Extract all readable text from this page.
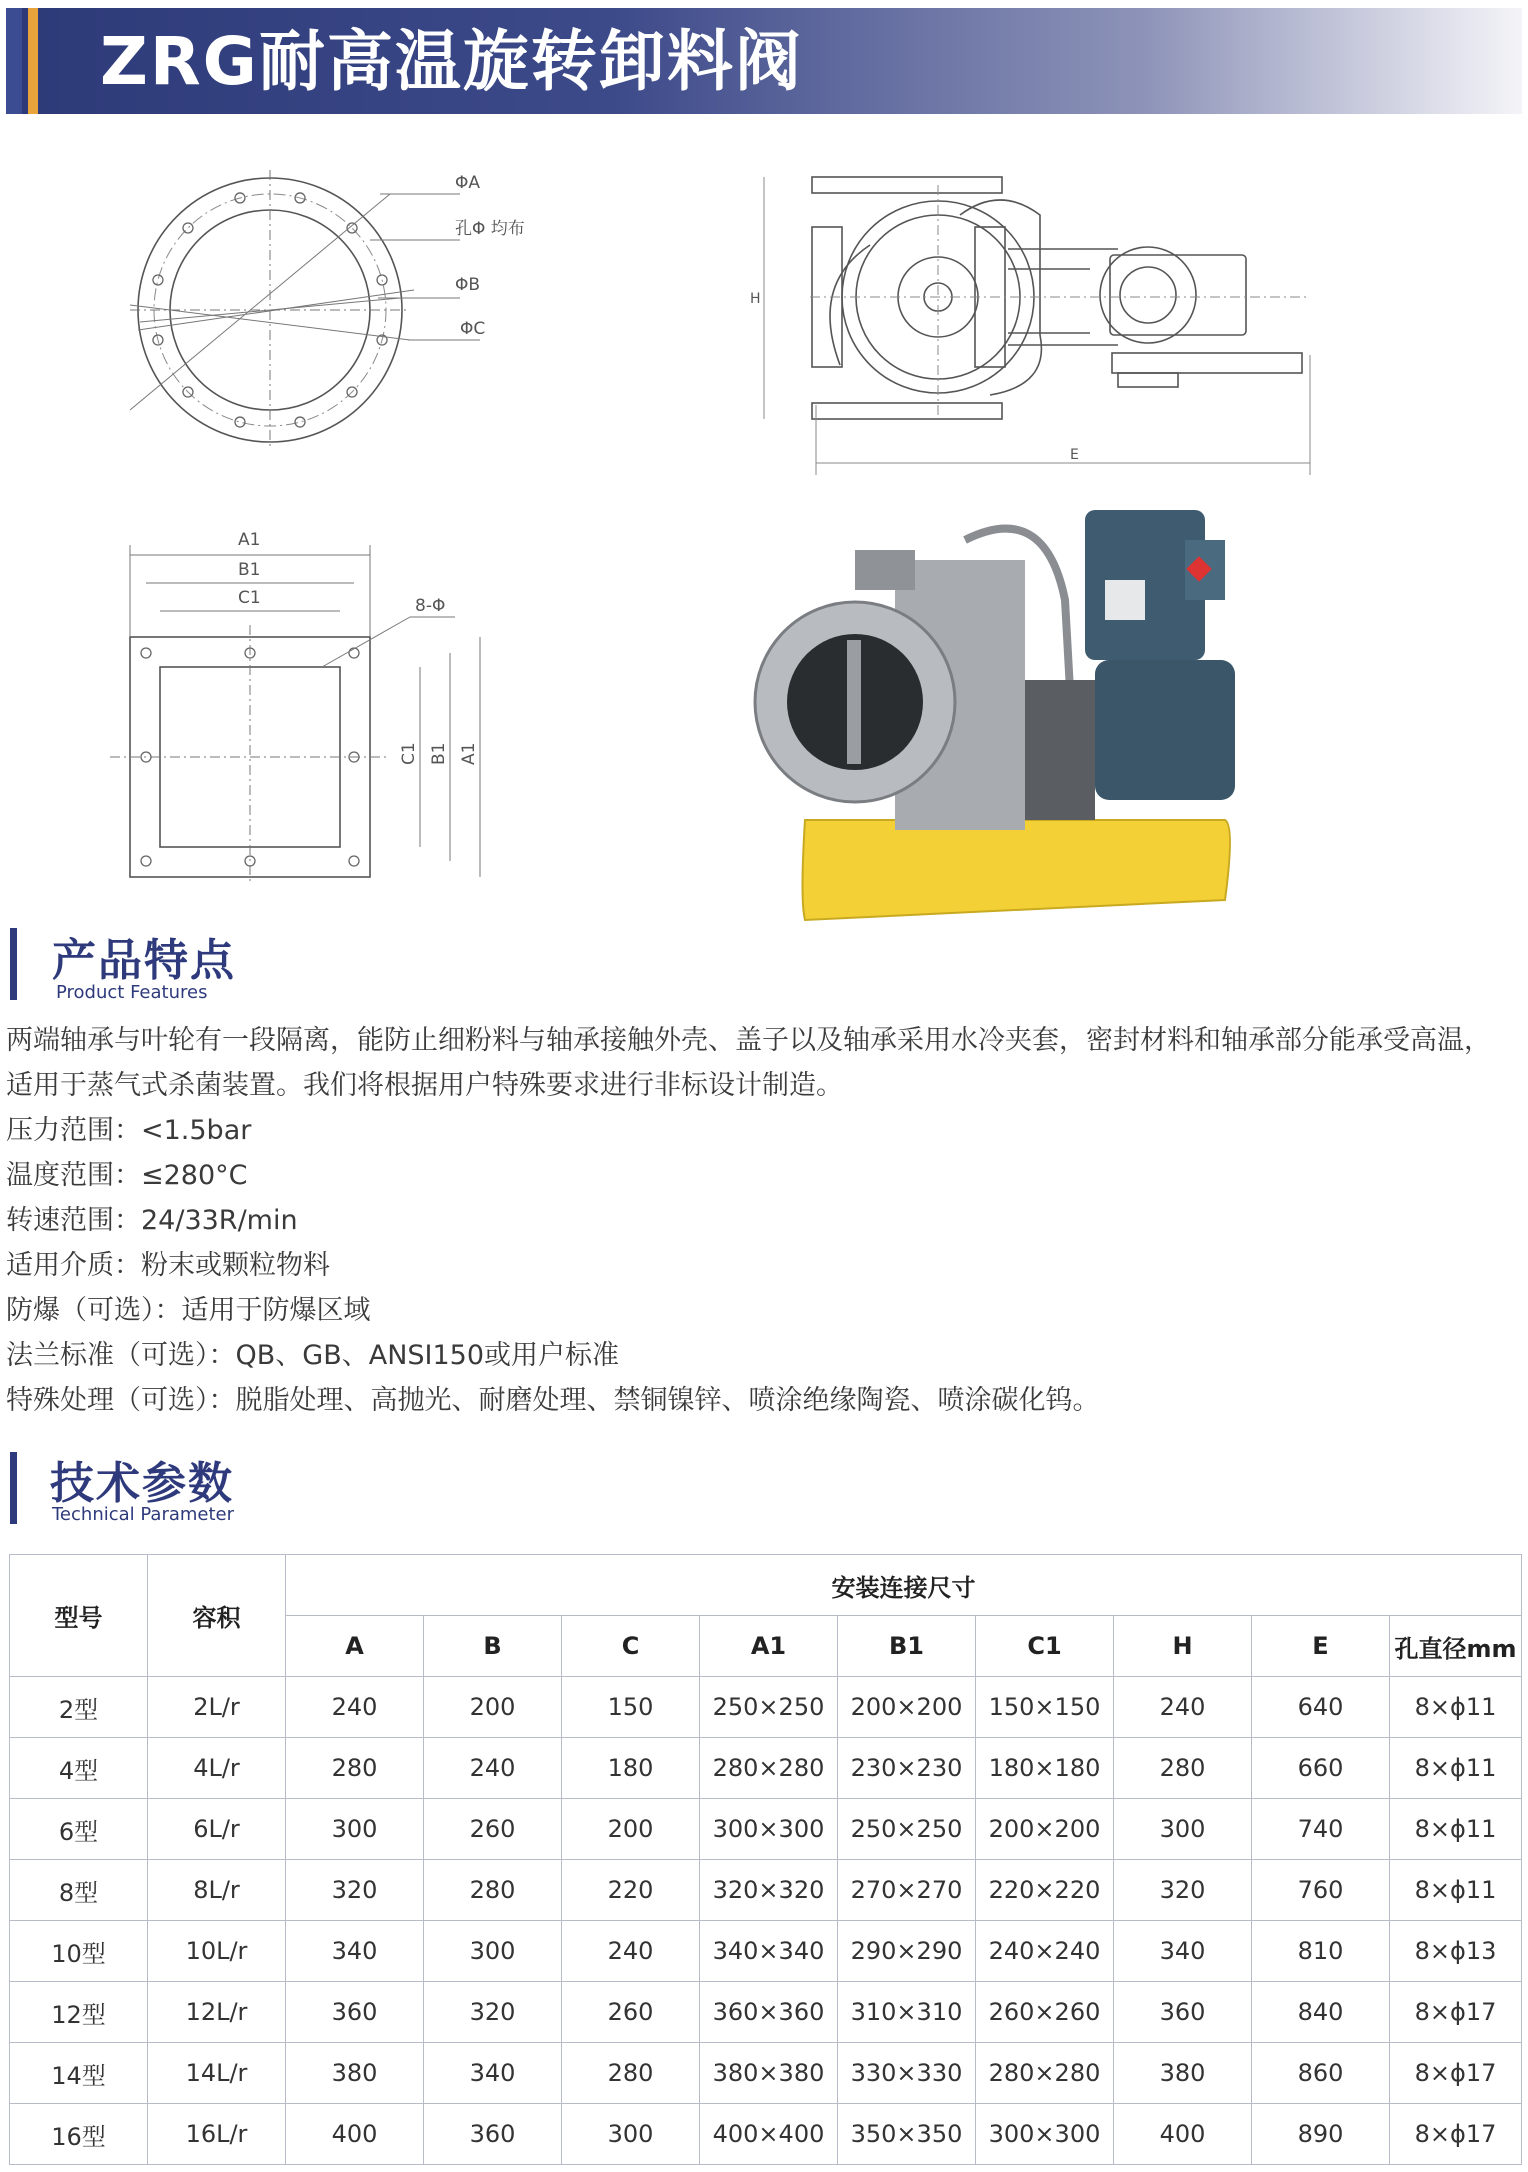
ZRG耐高温旋转卸料阀
ΦA
孔Φ 均布
ΦB
ΦC
H
E
A1
B1
C1	8-Φ
C1 B1 A1
产品特点
Product Features

两端轴承与叶轮有一段隔离，能防止细粉料与轴承接触外壳、盖子以及轴承采用水冷夹套，密封材料和轴承部分能承受高温，适用于蒸气式杀菌装置。我们将根据用户特殊要求进行非标设计制造。

压力范围：<1.5bar

温度范围：≤280°C

转速范围：24/33R/min

适用介质：粉末或颗粒物料

防爆（可选）：适用于防爆区域

法兰标准（可选）：QB、GB、ANSI150或用户标准

特殊处理（可选）：脱脂处理、高抛光、耐磨处理、禁铜镍锌、喷涂绝缘陶瓷、喷涂碳化钨。

技术参数
Technical Parameter
型号	容积	安装连接尺寸								
		A	B	C	A1	B1	C1	H	E	孔直径mm
2型	2L/r	240	200	150	250×250	200×200	150×150	240	640	8×ϕ11
4型	4L/r	280	240	180	280×280	230×230	180×180	280	660	8×ϕ11
6型	6L/r	300	260	200	300×300	250×250	200×200	300	740	8×ϕ11
8型	8L/r	320	280	220	320×320	270×270	220×220	320	760	8×ϕ11
10型	10L/r	340	300	240	340×340	290×290	240×240	340	810	8×ϕ13
12型	12L/r	360	320	260	360×360	310×310	260×260	360	840	8×ϕ17
14型	14L/r	380	340	280	380×380	330×330	280×280	380	860	8×ϕ17
16型	16L/r	400	360	300	400×400	350×350	300×300	400	890	8×ϕ17
